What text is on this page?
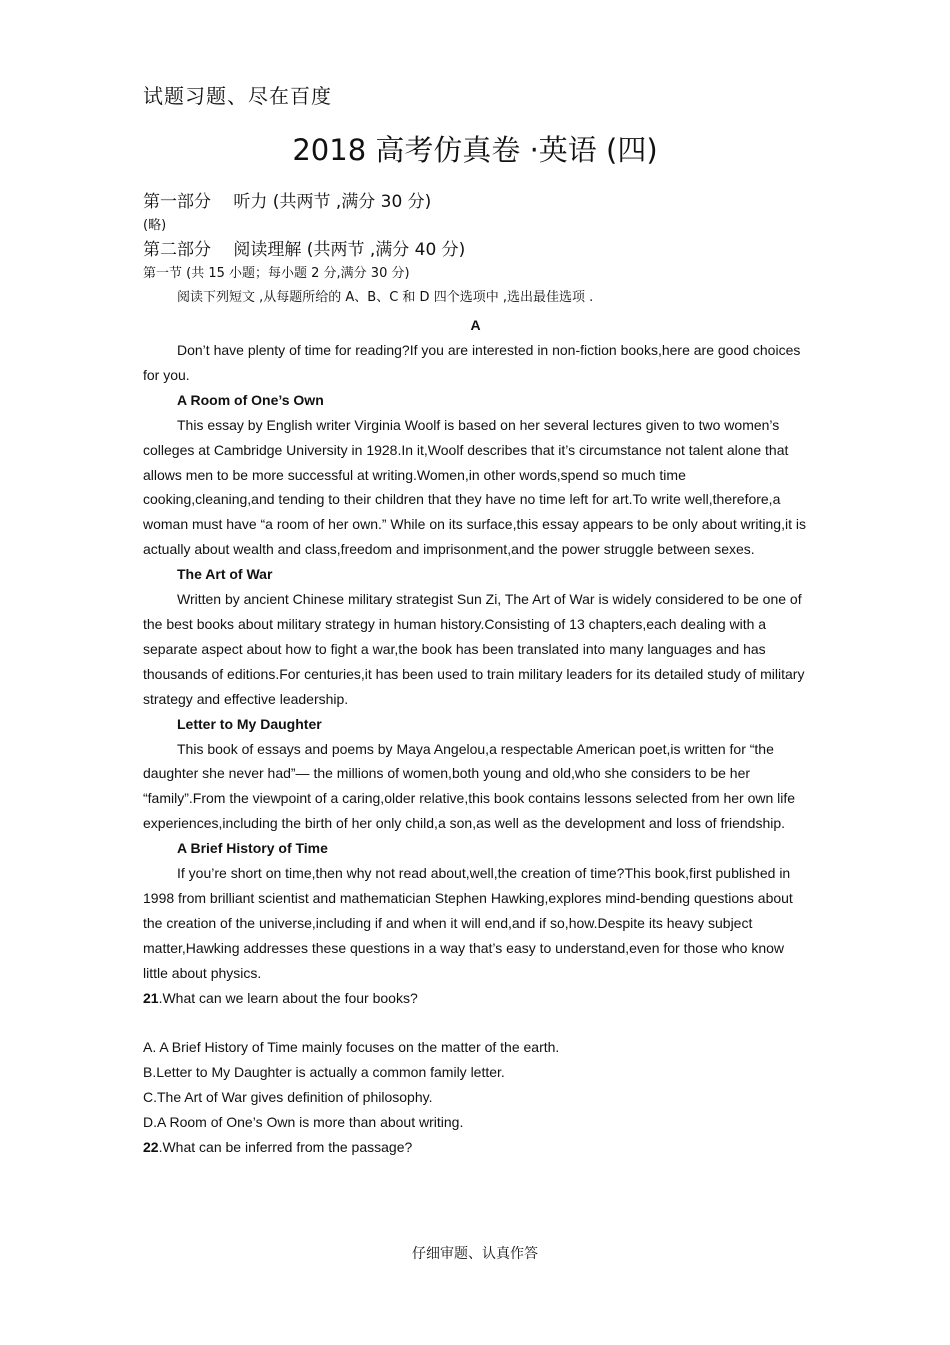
试题习题、尽在百度
2018 高考仿真卷 ·英语 (四)

第一部分　 听力 (共两节 ,满分 30 分)

(略)

第二部分　 阅读理解 (共两节 ,满分 40 分)

第一节 (共 15 小题；每小题 2 分,满分 30 分)

阅读下列短文 ,从每题所给的 A、B、C 和 D 四个选项中 ,选出最佳选项 .

A

Don’t have plenty of time for reading?If you are interested in non-fiction books,here are good choices for you.

A Room of One’s Own

This essay by English writer Virginia Woolf is based on her several lectures given to two women’s colleges at Cambridge University in 1928.In it,Woolf describes that it’s circumstance not talent alone that allows men to be more successful at writing.Women,in other words,spend so much time cooking,cleaning,and tending to their children that they have no time left for art.To write well,therefore,a woman must have “a room of her own.” While on its surface,this essay appears to be only about writing,it is actually about wealth and class,freedom and imprisonment,and the power struggle between sexes.

The Art of War

Written by ancient Chinese military strategist Sun Zi, The Art of War is widely considered to be one of the best books about military strategy in human history.Consisting of 13 chapters,each dealing with a separate aspect about how to fight a war,the book has been translated into many languages and has thousands of editions.For centuries,it has been used to train military leaders for its detailed study of military strategy and effective leadership.

Letter to My Daughter

This book of essays and poems by Maya Angelou,a respectable American poet,is written for “the daughter she never had”— the millions of women,both young and old,who she considers to be her “family”.From the viewpoint of a caring,older relative,this book contains lessons selected from her own life experiences,including the birth of her only child,a son,as well as the development and loss of friendship.

A Brief History of Time

If you’re short on time,then why not read about,well,the creation of time?This book,first published in 1998 from brilliant scientist and mathematician Stephen Hawking,explores mind-bending questions about the creation of the universe,including if and when it will end,and if so,how.Despite its heavy subject matter,Hawking addresses these questions in a way that’s easy to understand,even for those who know little about physics.

21.What can we learn about the four books?

A. A Brief History of Time mainly focuses on the matter of the earth.

B.Letter to My Daughter is actually a common family letter.

C.The Art of War gives definition of philosophy.

D.A Room of One’s Own is more than about writing.

22.What can be inferred from the passage?

仔细审题、认真作答
